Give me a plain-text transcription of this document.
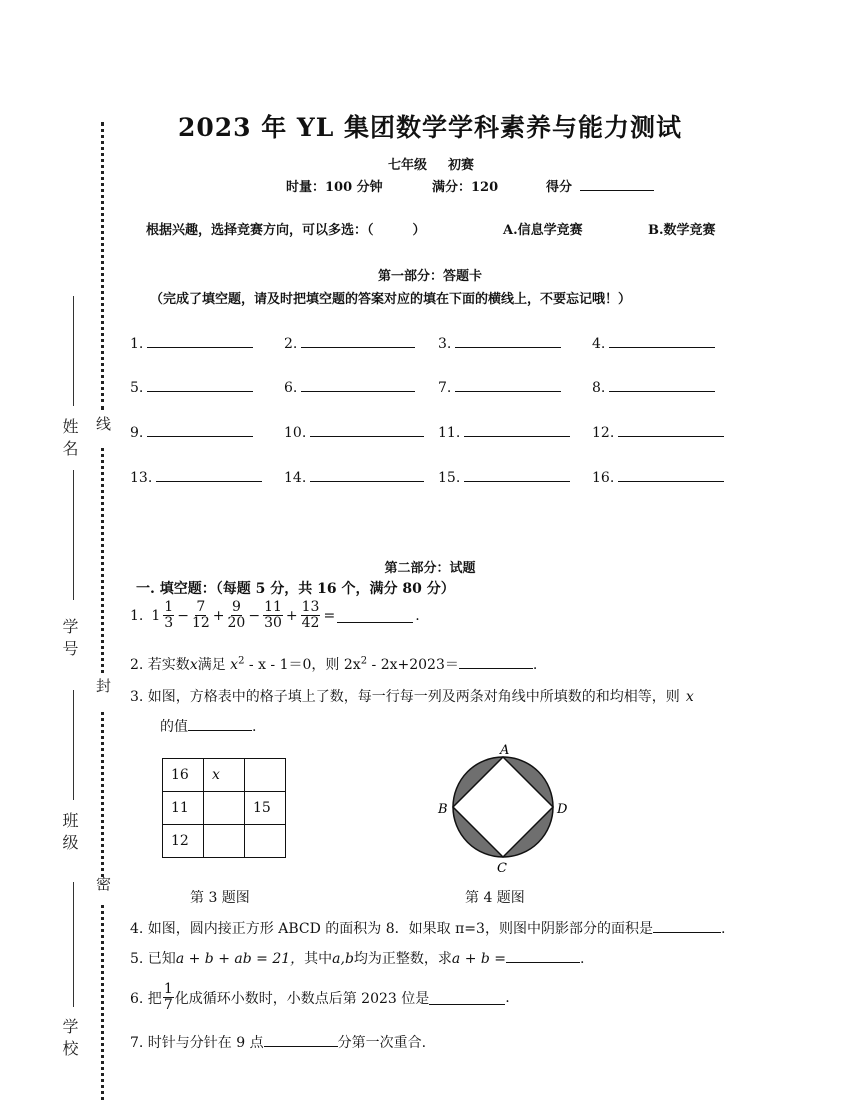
线
封
密
姓名
学号
班级
学校
2023 年 YL 集团数学学科素养与能力测试
七年级 初赛
时量：100 分钟	满分：120	得分
根据兴趣，选择竞赛方向，可以多选：（　　　）	A.信息学竞赛	B.数学竞赛
第一部分：答题卡
（完成了填空题，请及时把填空题的答案对应的填在下面的横线上，不要忘记哦！）
1.	2.	3.	4.
5.	6.	7.	8.
9.	10.	11.	12.
13.	14.	15.	16.
第二部分：试题
一. 填空题：（每题 5 分，共 16 个，满分 80 分）
1. $1 \frac{1}{3} - \frac{7}{12} + \frac{9}{20} - \frac{11}{30} + \frac{13}{42}$ =	.
2. 若实数x满足 $x^2 - x - 1=0$，则 $2x^2 - 2x+2023=$	.
3. 如图，方格表中的格子填上了数，每一行每一列及两条对角线中所填数的和均相等，则 x
的值	.
16	x	
11		15
12		
第 3 题图
A
B
C
D
第 4 题图
4. 如图，圆内接正方形 ABCD 的面积为 8．如果取 π=3，则图中阴影部分的面积是	.
5. 已知a + b + ab = 21，其中a,b均为正整数，求a + b =	.
6. 把 $\frac{1}{7}$ 化成循环小数时，小数点后第 2023 位是	.
7. 时针与分针在 9 点	分第一次重合.
